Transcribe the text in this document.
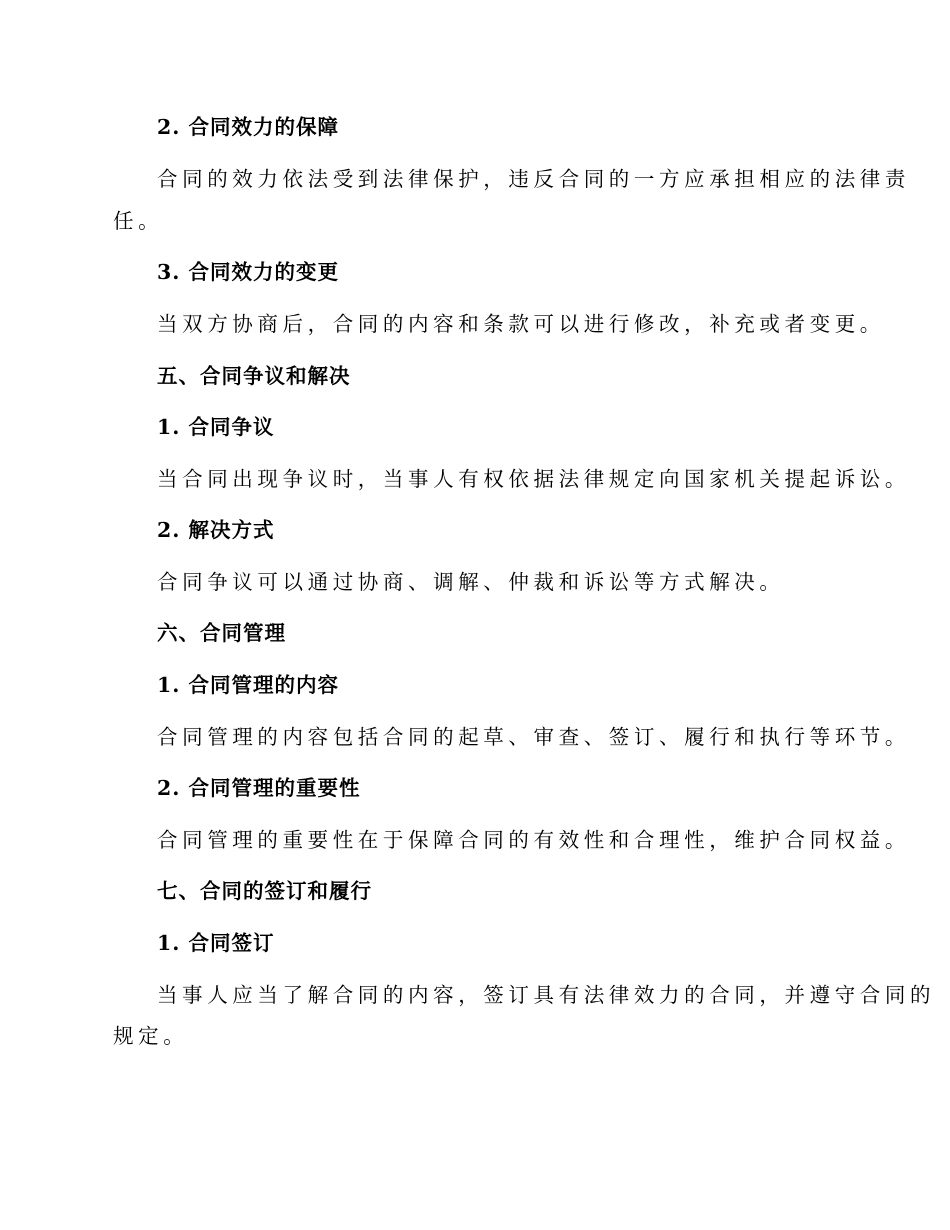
2. 合同效力的保障
合同的效力依法受到法律保护，违反合同的一方应承担相应的法律责
任。
3. 合同效力的变更
当双方协商后，合同的内容和条款可以进行修改，补充或者变更。
五、合同争议和解决
1. 合同争议
当合同出现争议时，当事人有权依据法律规定向国家机关提起诉讼。
2. 解决方式
合同争议可以通过协商、调解、仲裁和诉讼等方式解决。
六、合同管理
1. 合同管理的内容
合同管理的内容包括合同的起草、审查、签订、履行和执行等环节。
2. 合同管理的重要性
合同管理的重要性在于保障合同的有效性和合理性，维护合同权益。
七、合同的签订和履行
1. 合同签订
当事人应当了解合同的内容，签订具有法律效力的合同，并遵守合同的
规定。
